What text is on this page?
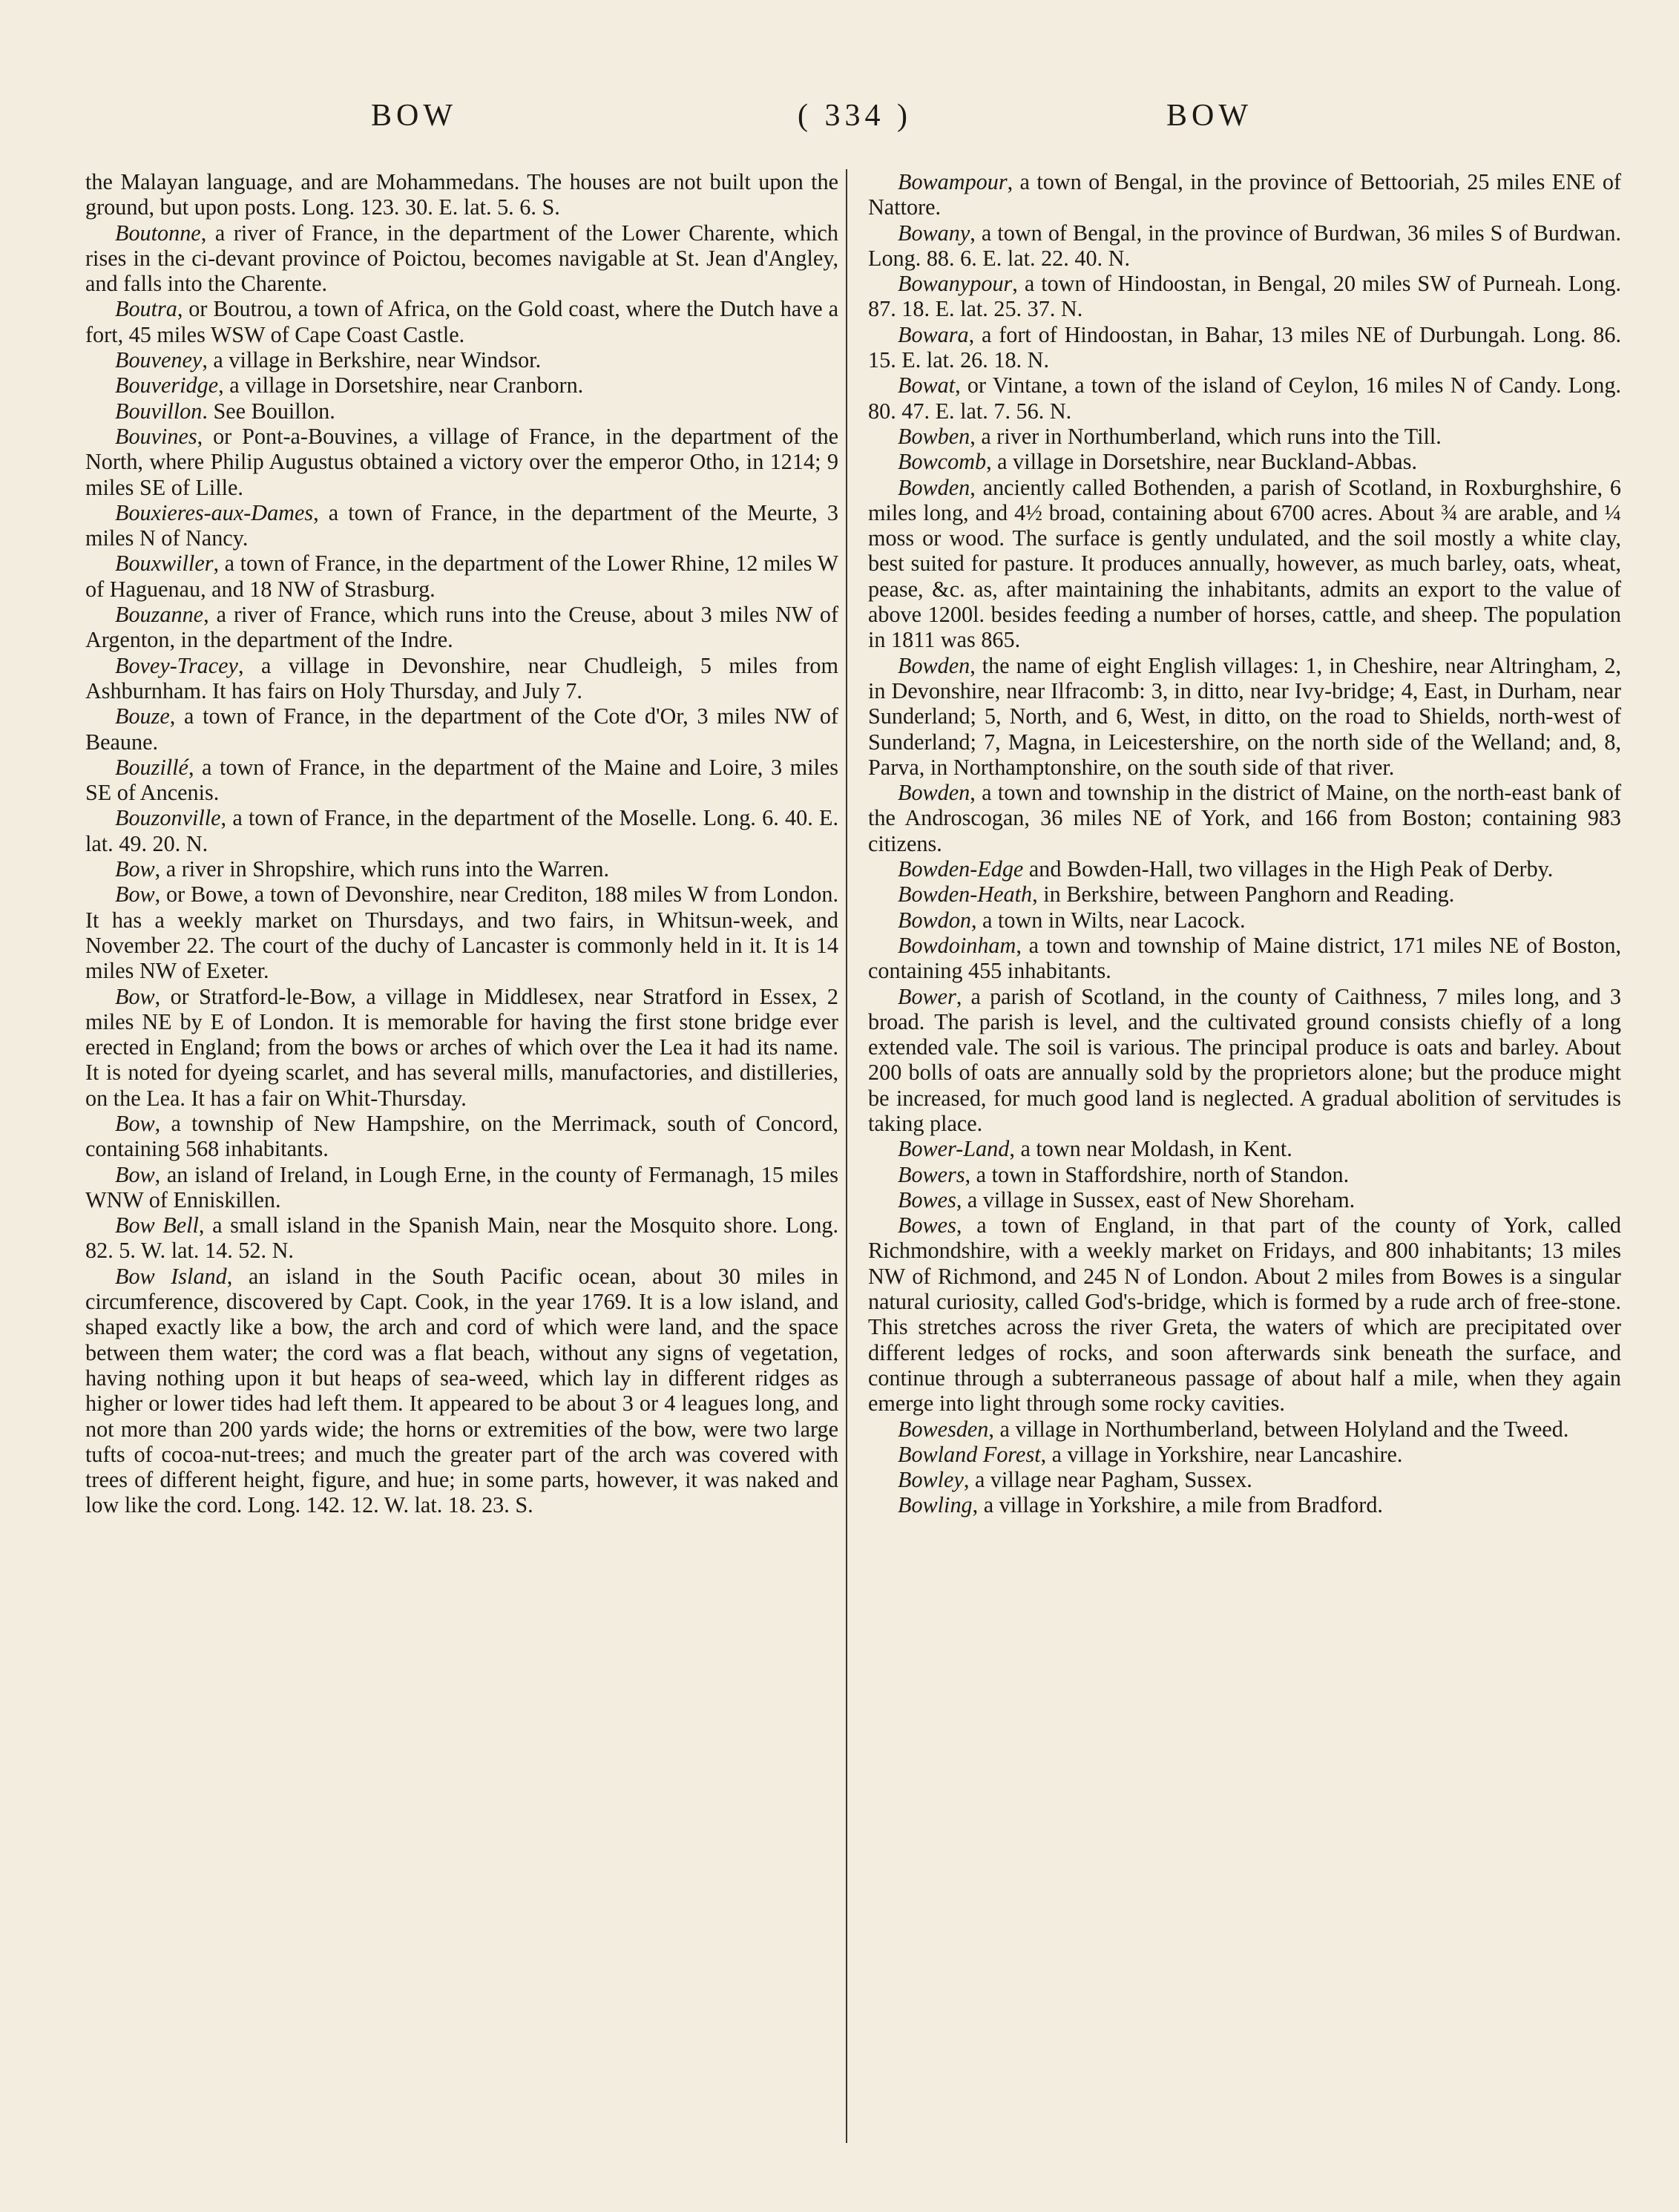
BOW	( 334 )	BOW

the Malayan language, and are Mohammedans. The houses are not built upon the ground, but upon posts. Long. 123. 30. E. lat. 5. 6. S.

Boutonne, a river of France, in the department of the Lower Charente, which rises in the ci-devant province of Poictou, becomes navigable at St. Jean d'Angley, and falls into the Charente.

Boutra, or Boutrou, a town of Africa, on the Gold coast, where the Dutch have a fort, 45 miles WSW of Cape Coast Castle.

Bouveney, a village in Berkshire, near Windsor.

Bouveridge, a village in Dorsetshire, near Cranborn.

Bouvillon. See Bouillon.

Bouvines, or Pont-a-Bouvines, a village of France, in the department of the North, where Philip Augustus obtained a victory over the emperor Otho, in 1214; 9 miles SE of Lille.

Bouxieres-aux-Dames, a town of France, in the department of the Meurte, 3 miles N of Nancy.

Bouxwiller, a town of France, in the department of the Lower Rhine, 12 miles W of Haguenau, and 18 NW of Strasburg.

Bouzanne, a river of France, which runs into the Creuse, about 3 miles NW of Argenton, in the department of the Indre.

Bovey-Tracey, a village in Devonshire, near Chudleigh, 5 miles from Ashburnham. It has fairs on Holy Thursday, and July 7.

Bouze, a town of France, in the department of the Cote d'Or, 3 miles NW of Beaune.

Bouzillé, a town of France, in the department of the Maine and Loire, 3 miles SE of Ancenis.

Bouzonville, a town of France, in the department of the Moselle. Long. 6. 40. E. lat. 49. 20. N.

Bow, a river in Shropshire, which runs into the Warren.

Bow, or Bowe, a town of Devonshire, near Crediton, 188 miles W from London. It has a weekly market on Thursdays, and two fairs, in Whitsun-week, and November 22. The court of the duchy of Lancaster is commonly held in it. It is 14 miles NW of Exeter.

Bow, or Stratford-le-Bow, a village in Middlesex, near Stratford in Essex, 2 miles NE by E of London. It is memorable for having the first stone bridge ever erected in England; from the bows or arches of which over the Lea it had its name. It is noted for dyeing scarlet, and has several mills, manufactories, and distilleries, on the Lea. It has a fair on Whit-Thursday.

Bow, a township of New Hampshire, on the Merrimack, south of Concord, containing 568 inhabitants.

Bow, an island of Ireland, in Lough Erne, in the county of Fermanagh, 15 miles WNW of Enniskillen.

Bow Bell, a small island in the Spanish Main, near the Mosquito shore. Long. 82. 5. W. lat. 14. 52. N.

Bow Island, an island in the South Pacific ocean, about 30 miles in circumference, discovered by Capt. Cook, in the year 1769. It is a low island, and shaped exactly like a bow, the arch and cord of which were land, and the space between them water; the cord was a flat beach, without any signs of vegetation, having nothing upon it but heaps of sea-weed, which lay in different ridges as higher or lower tides had left them. It appeared to be about 3 or 4 leagues long, and not more than 200 yards wide; the horns or extremities of the bow, were two large tufts of cocoa-nut-trees; and much the greater part of the arch was covered with trees of different height, figure, and hue; in some parts, however, it was naked and low like the cord. Long. 142. 12. W. lat. 18. 23. S.

Bowampour, a town of Bengal, in the province of Bettooriah, 25 miles ENE of Nattore.

Bowany, a town of Bengal, in the province of Burdwan, 36 miles S of Burdwan. Long. 88. 6. E. lat. 22. 40. N.

Bowanypour, a town of Hindoostan, in Bengal, 20 miles SW of Purneah. Long. 87. 18. E. lat. 25. 37. N.

Bowara, a fort of Hindoostan, in Bahar, 13 miles NE of Durbungah. Long. 86. 15. E. lat. 26. 18. N.

Bowat, or Vintane, a town of the island of Ceylon, 16 miles N of Candy. Long. 80. 47. E. lat. 7. 56. N.

Bowben, a river in Northumberland, which runs into the Till.

Bowcomb, a village in Dorsetshire, near Buckland-Abbas.

Bowden, anciently called Bothenden, a parish of Scotland, in Roxburghshire, 6 miles long, and 4½ broad, containing about 6700 acres. About ¾ are arable, and ¼ moss or wood. The surface is gently undulated, and the soil mostly a white clay, best suited for pasture. It produces annually, however, as much barley, oats, wheat, pease, &c. as, after maintaining the inhabitants, admits an export to the value of above 1200l. besides feeding a number of horses, cattle, and sheep. The population in 1811 was 865.

Bowden, the name of eight English villages: 1, in Cheshire, near Altringham, 2, in Devonshire, near Ilfracomb: 3, in ditto, near Ivy-bridge; 4, East, in Durham, near Sunderland; 5, North, and 6, West, in ditto, on the road to Shields, north-west of Sunderland; 7, Magna, in Leicestershire, on the north side of the Welland; and, 8, Parva, in Northamptonshire, on the south side of that river.

Bowden, a town and township in the district of Maine, on the north-east bank of the Androscogan, 36 miles NE of York, and 166 from Boston; containing 983 citizens.

Bowden-Edge and Bowden-Hall, two villages in the High Peak of Derby.

Bowden-Heath, in Berkshire, between Panghorn and Reading.

Bowdon, a town in Wilts, near Lacock.

Bowdoinham, a town and township of Maine district, 171 miles NE of Boston, containing 455 inhabitants.

Bower, a parish of Scotland, in the county of Caithness, 7 miles long, and 3 broad. The parish is level, and the cultivated ground consists chiefly of a long extended vale. The soil is various. The principal produce is oats and barley. About 200 bolls of oats are annually sold by the proprietors alone; but the produce might be increased, for much good land is neglected. A gradual abolition of servitudes is taking place.

Bower-Land, a town near Moldash, in Kent.

Bowers, a town in Staffordshire, north of Standon.

Bowes, a village in Sussex, east of New Shoreham.

Bowes, a town of England, in that part of the county of York, called Richmondshire, with a weekly market on Fridays, and 800 inhabitants; 13 miles NW of Richmond, and 245 N of London. About 2 miles from Bowes is a singular natural curiosity, called God's-bridge, which is formed by a rude arch of free-stone. This stretches across the river Greta, the waters of which are precipitated over different ledges of rocks, and soon afterwards sink beneath the surface, and continue through a subterraneous passage of about half a mile, when they again emerge into light through some rocky cavities.

Bowesden, a village in Northumberland, between Holyland and the Tweed.

Bowland Forest, a village in Yorkshire, near Lancashire.

Bowley, a village near Pagham, Sussex.

Bowling, a village in Yorkshire, a mile from Bradford.
